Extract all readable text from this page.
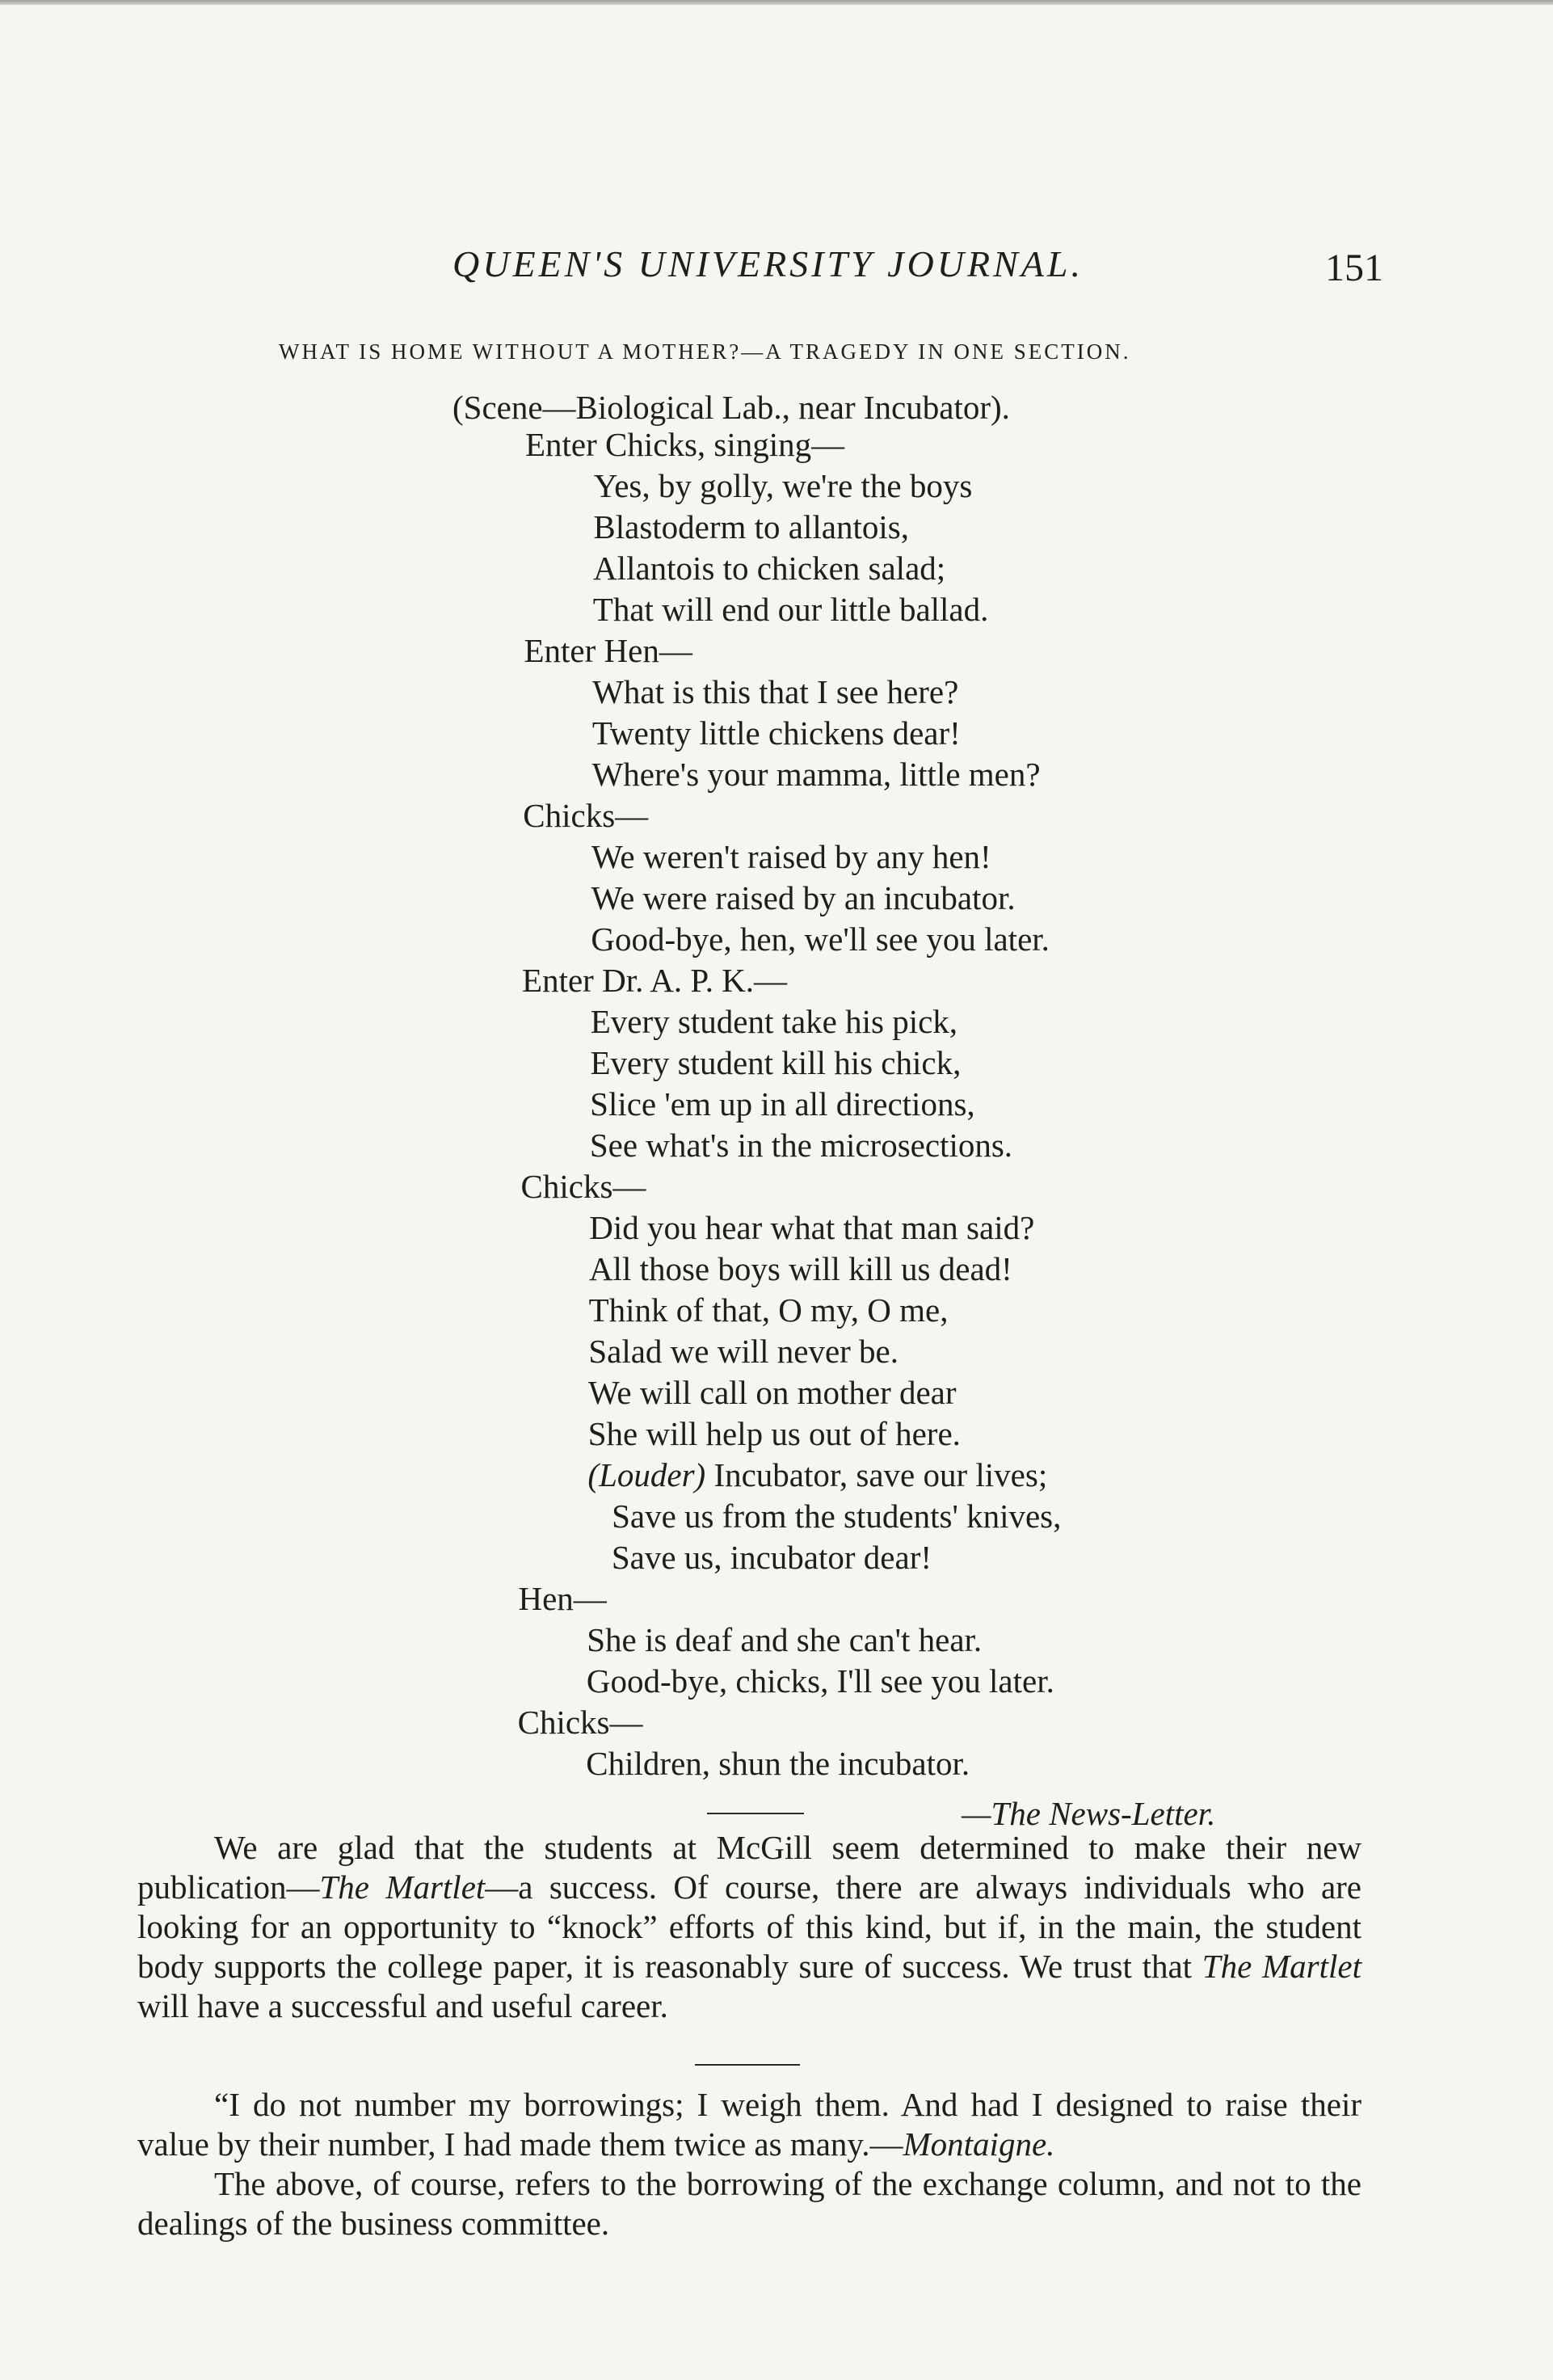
QUEEN'S UNIVERSITY JOURNAL.	151
WHAT IS HOME WITHOUT A MOTHER?—A TRAGEDY IN ONE SECTION.
(Scene—Biological Lab., near Incubator).
Enter Chicks, singing—
Yes, by golly, we're the boys
Blastoderm to allantois,
Allantois to chicken salad;
That will end our little ballad.
Enter Hen—
What is this that I see here?
Twenty little chickens dear!
Where's your mamma, little men?
Chicks—
We weren't raised by any hen!
We were raised by an incubator.
Good-bye, hen, we'll see you later.
Enter Dr. A. P. K.—
Every student take his pick,
Every student kill his chick,
Slice 'em up in all directions,
See what's in the microsections.
Chicks—
Did you hear what that man said?
All those boys will kill us dead!
Think of that, O my, O me,
Salad we will never be.
We will call on mother dear
She will help us out of here.
(Louder) Incubator, save our lives;
Save us from the students' knives,
Save us, incubator dear!
Hen—
She is deaf and she can't hear.
Good-bye, chicks, I'll see you later.
Chicks—
Children, shun the incubator.
—The News-Letter.

We are glad that the students at McGill seem determined to make their new publication—The Martlet—a success. Of course, there are always individuals who are looking for an opportunity to “knock” efforts of this kind, but if, in the main, the student body supports the college paper, it is reasonably sure of success. We trust that The Martlet will have a successful and useful career.

“I do not number my borrowings; I weigh them. And had I designed to raise their value by their number, I had made them twice as many.—Montaigne.

The above, of course, refers to the borrowing of the exchange column, and not to the dealings of the business committee.
